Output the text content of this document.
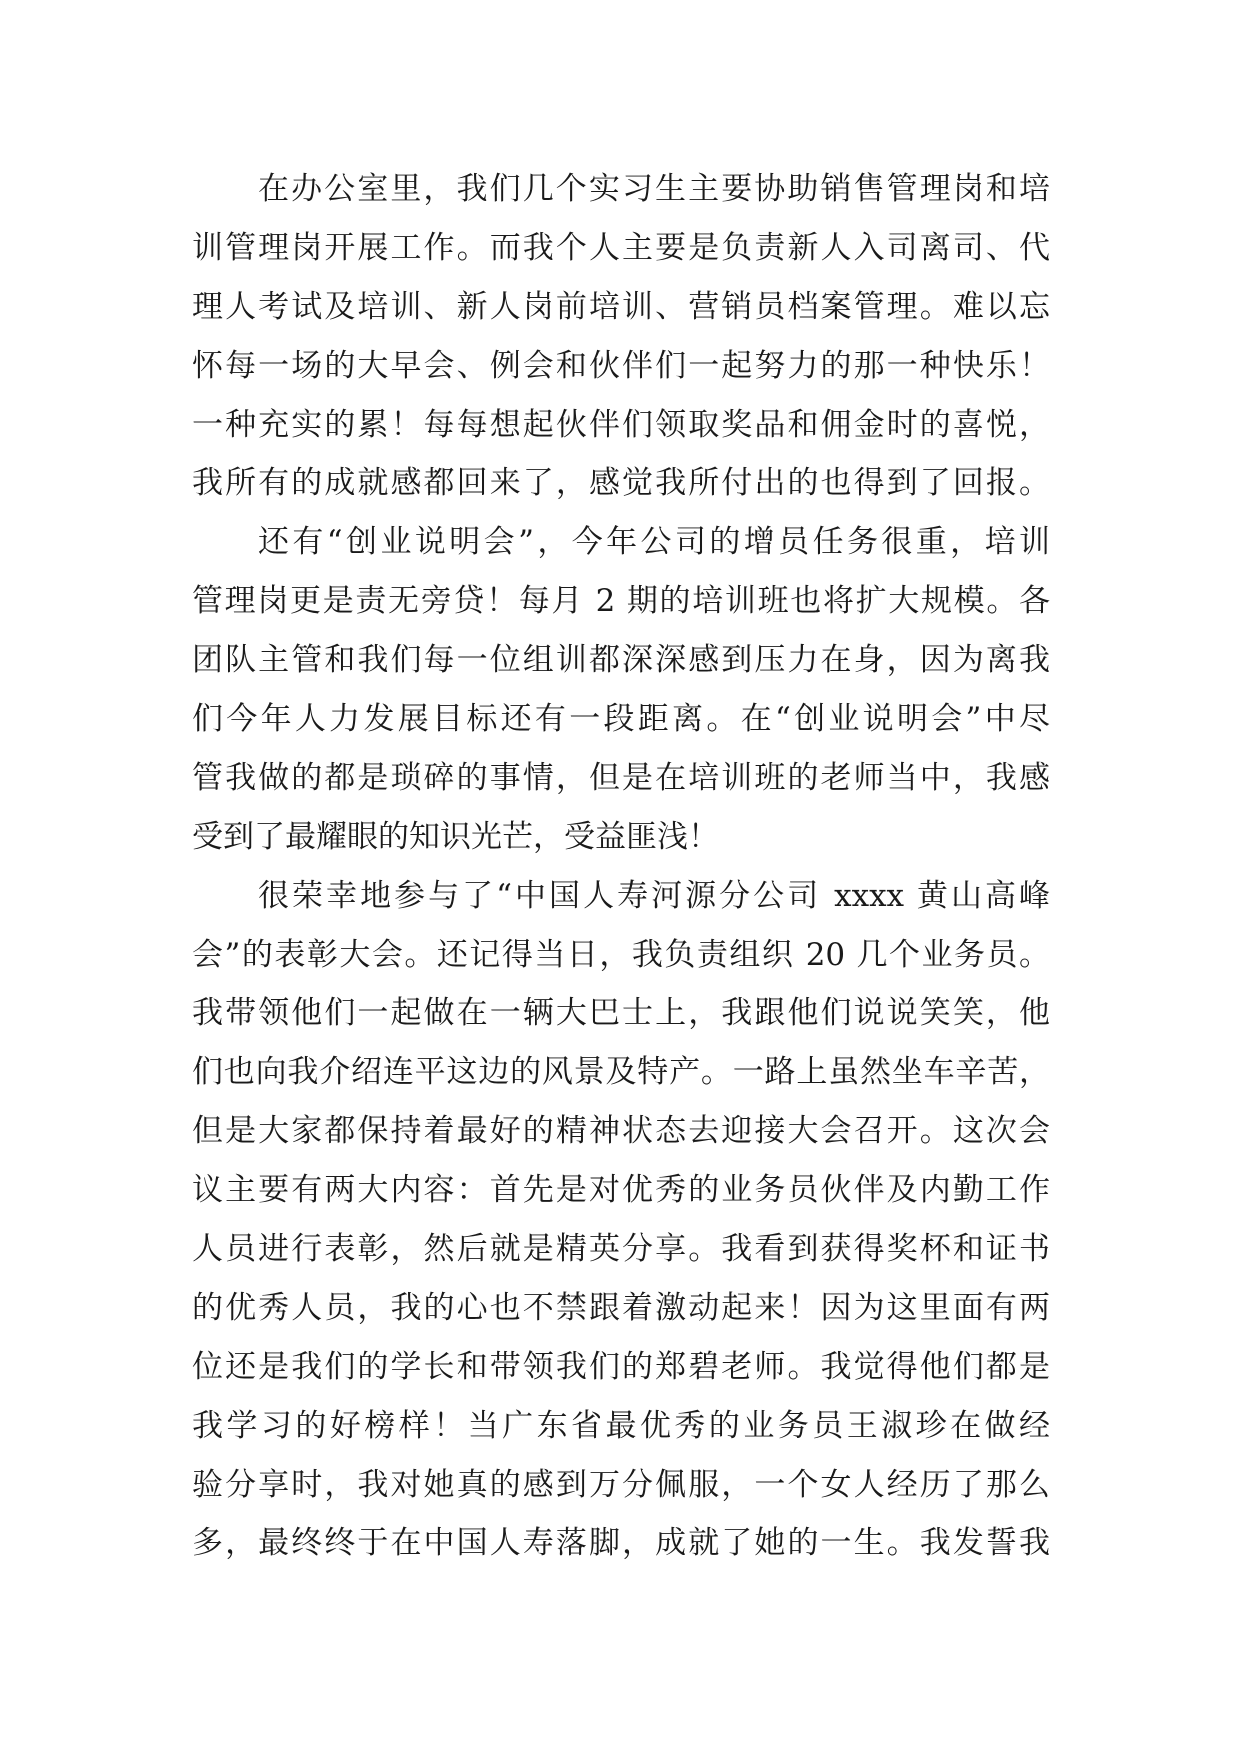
在办公室里，我们几个实习生主要协助销售管理岗和培
训管理岗开展工作。而我个人主要是负责新人入司离司、代
理人考试及培训、新人岗前培训、营销员档案管理。难以忘
怀每一场的大早会、例会和伙伴们一起努力的那一种快乐！
一种充实的累！每每想起伙伴们领取奖品和佣金时的喜悦，
我所有的成就感都回来了，感觉我所付出的也得到了回报。
还有“创业说明会”，今年公司的增员任务很重，培训
管理岗更是责无旁贷！每月 2 期的培训班也将扩大规模。各
团队主管和我们每一位组训都深深感到压力在身，因为离我
们今年人力发展目标还有一段距离。在“创业说明会”中尽
管我做的都是琐碎的事情，但是在培训班的老师当中，我感
受到了最耀眼的知识光芒，受益匪浅！
很荣幸地参与了“中国人寿河源分公司 xxxx 黄山高峰
会”的表彰大会。还记得当日，我负责组织 20 几个业务员。
我带领他们一起做在一辆大巴士上，我跟他们说说笑笑，他
们也向我介绍连平这边的风景及特产。一路上虽然坐车辛苦，
但是大家都保持着最好的精神状态去迎接大会召开。这次会
议主要有两大内容：首先是对优秀的业务员伙伴及内勤工作
人员进行表彰，然后就是精英分享。我看到获得奖杯和证书
的优秀人员，我的心也不禁跟着激动起来！因为这里面有两
位还是我们的学长和带领我们的郑碧老师。我觉得他们都是
我学习的好榜样！当广东省最优秀的业务员王淑珍在做经
验分享时，我对她真的感到万分佩服，一个女人经历了那么
多，最终终于在中国人寿落脚，成就了她的一生。我发誓我
